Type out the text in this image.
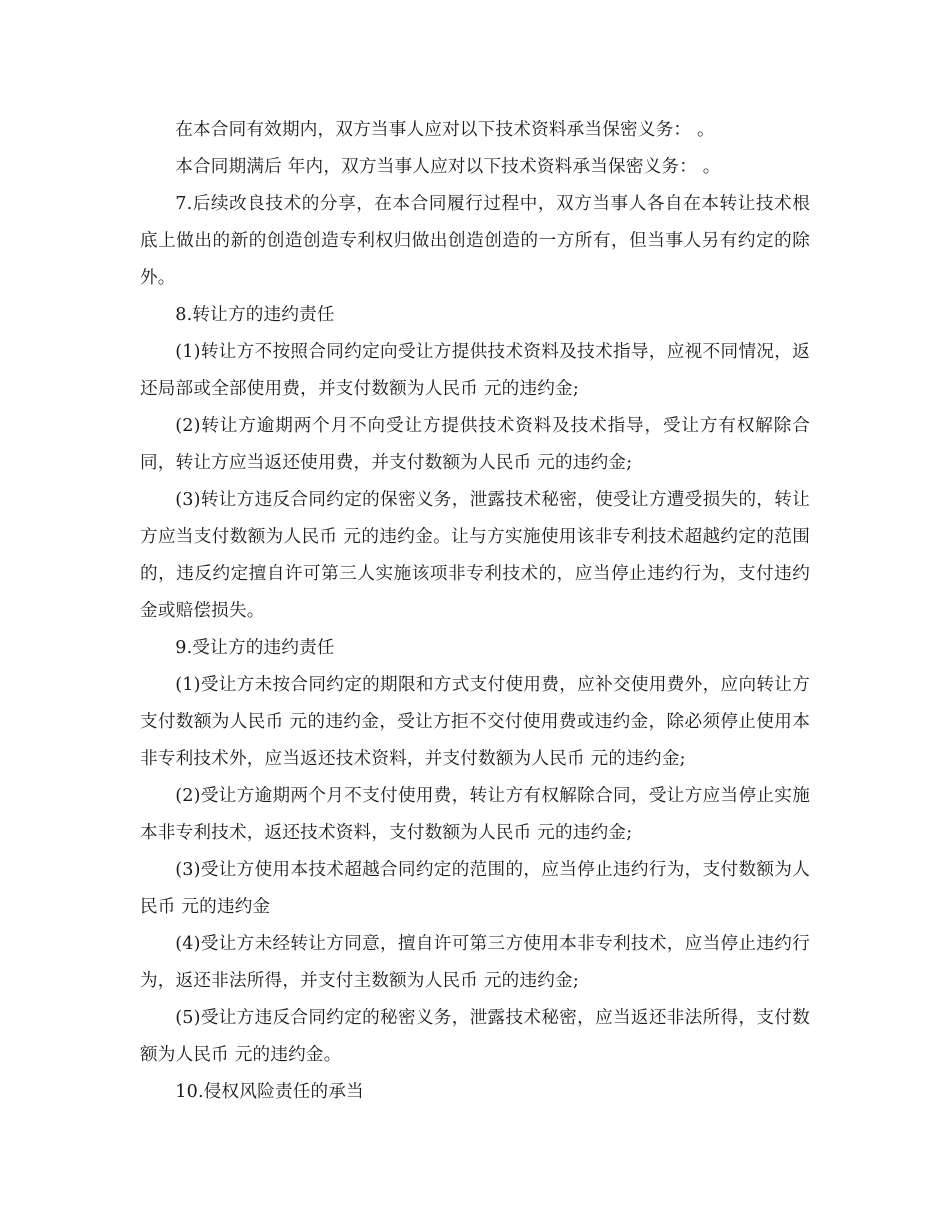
在本合同有效期内，双方当事人应对以下技术资料承当保密义务： 。

本合同期满后 年内，双方当事人应对以下技术资料承当保密义务： 。

7.后续改良技术的分享，在本合同履行过程中，双方当事人各自在本转让技术根底上做出的新的创造创造专利权归做出创造创造的一方所有，但当事人另有约定的除外。

8.转让方的违约责任

(1)转让方不按照合同约定向受让方提供技术资料及技术指导，应视不同情况，返还局部或全部使用费，并支付数额为人民币 元的违约金;

(2)转让方逾期两个月不向受让方提供技术资料及技术指导，受让方有权解除合同，转让方应当返还使用费，并支付数额为人民币 元的违约金;

(3)转让方违反合同约定的保密义务，泄露技术秘密，使受让方遭受损失的，转让方应当支付数额为人民币 元的违约金。让与方实施使用该非专利技术超越约定的范围的，违反约定擅自许可第三人实施该项非专利技术的，应当停止违约行为，支付违约金或赔偿损失。

9.受让方的违约责任

(1)受让方未按合同约定的期限和方式支付使用费，应补交使用费外，应向转让方支付数额为人民币 元的违约金，受让方拒不交付使用费或违约金，除必须停止使用本非专利技术外，应当返还技术资料，并支付数额为人民币 元的违约金;

(2)受让方逾期两个月不支付使用费，转让方有权解除合同，受让方应当停止实施本非专利技术，返还技术资料，支付数额为人民币 元的违约金;

(3)受让方使用本技术超越合同约定的范围的，应当停止违约行为，支付数额为人民币 元的违约金

(4)受让方未经转让方同意，擅自许可第三方使用本非专利技术，应当停止违约行为，返还非法所得，并支付主数额为人民币 元的违约金;

(5)受让方违反合同约定的秘密义务，泄露技术秘密，应当返还非法所得，支付数额为人民币 元的违约金。

10.侵权风险责任的承当
